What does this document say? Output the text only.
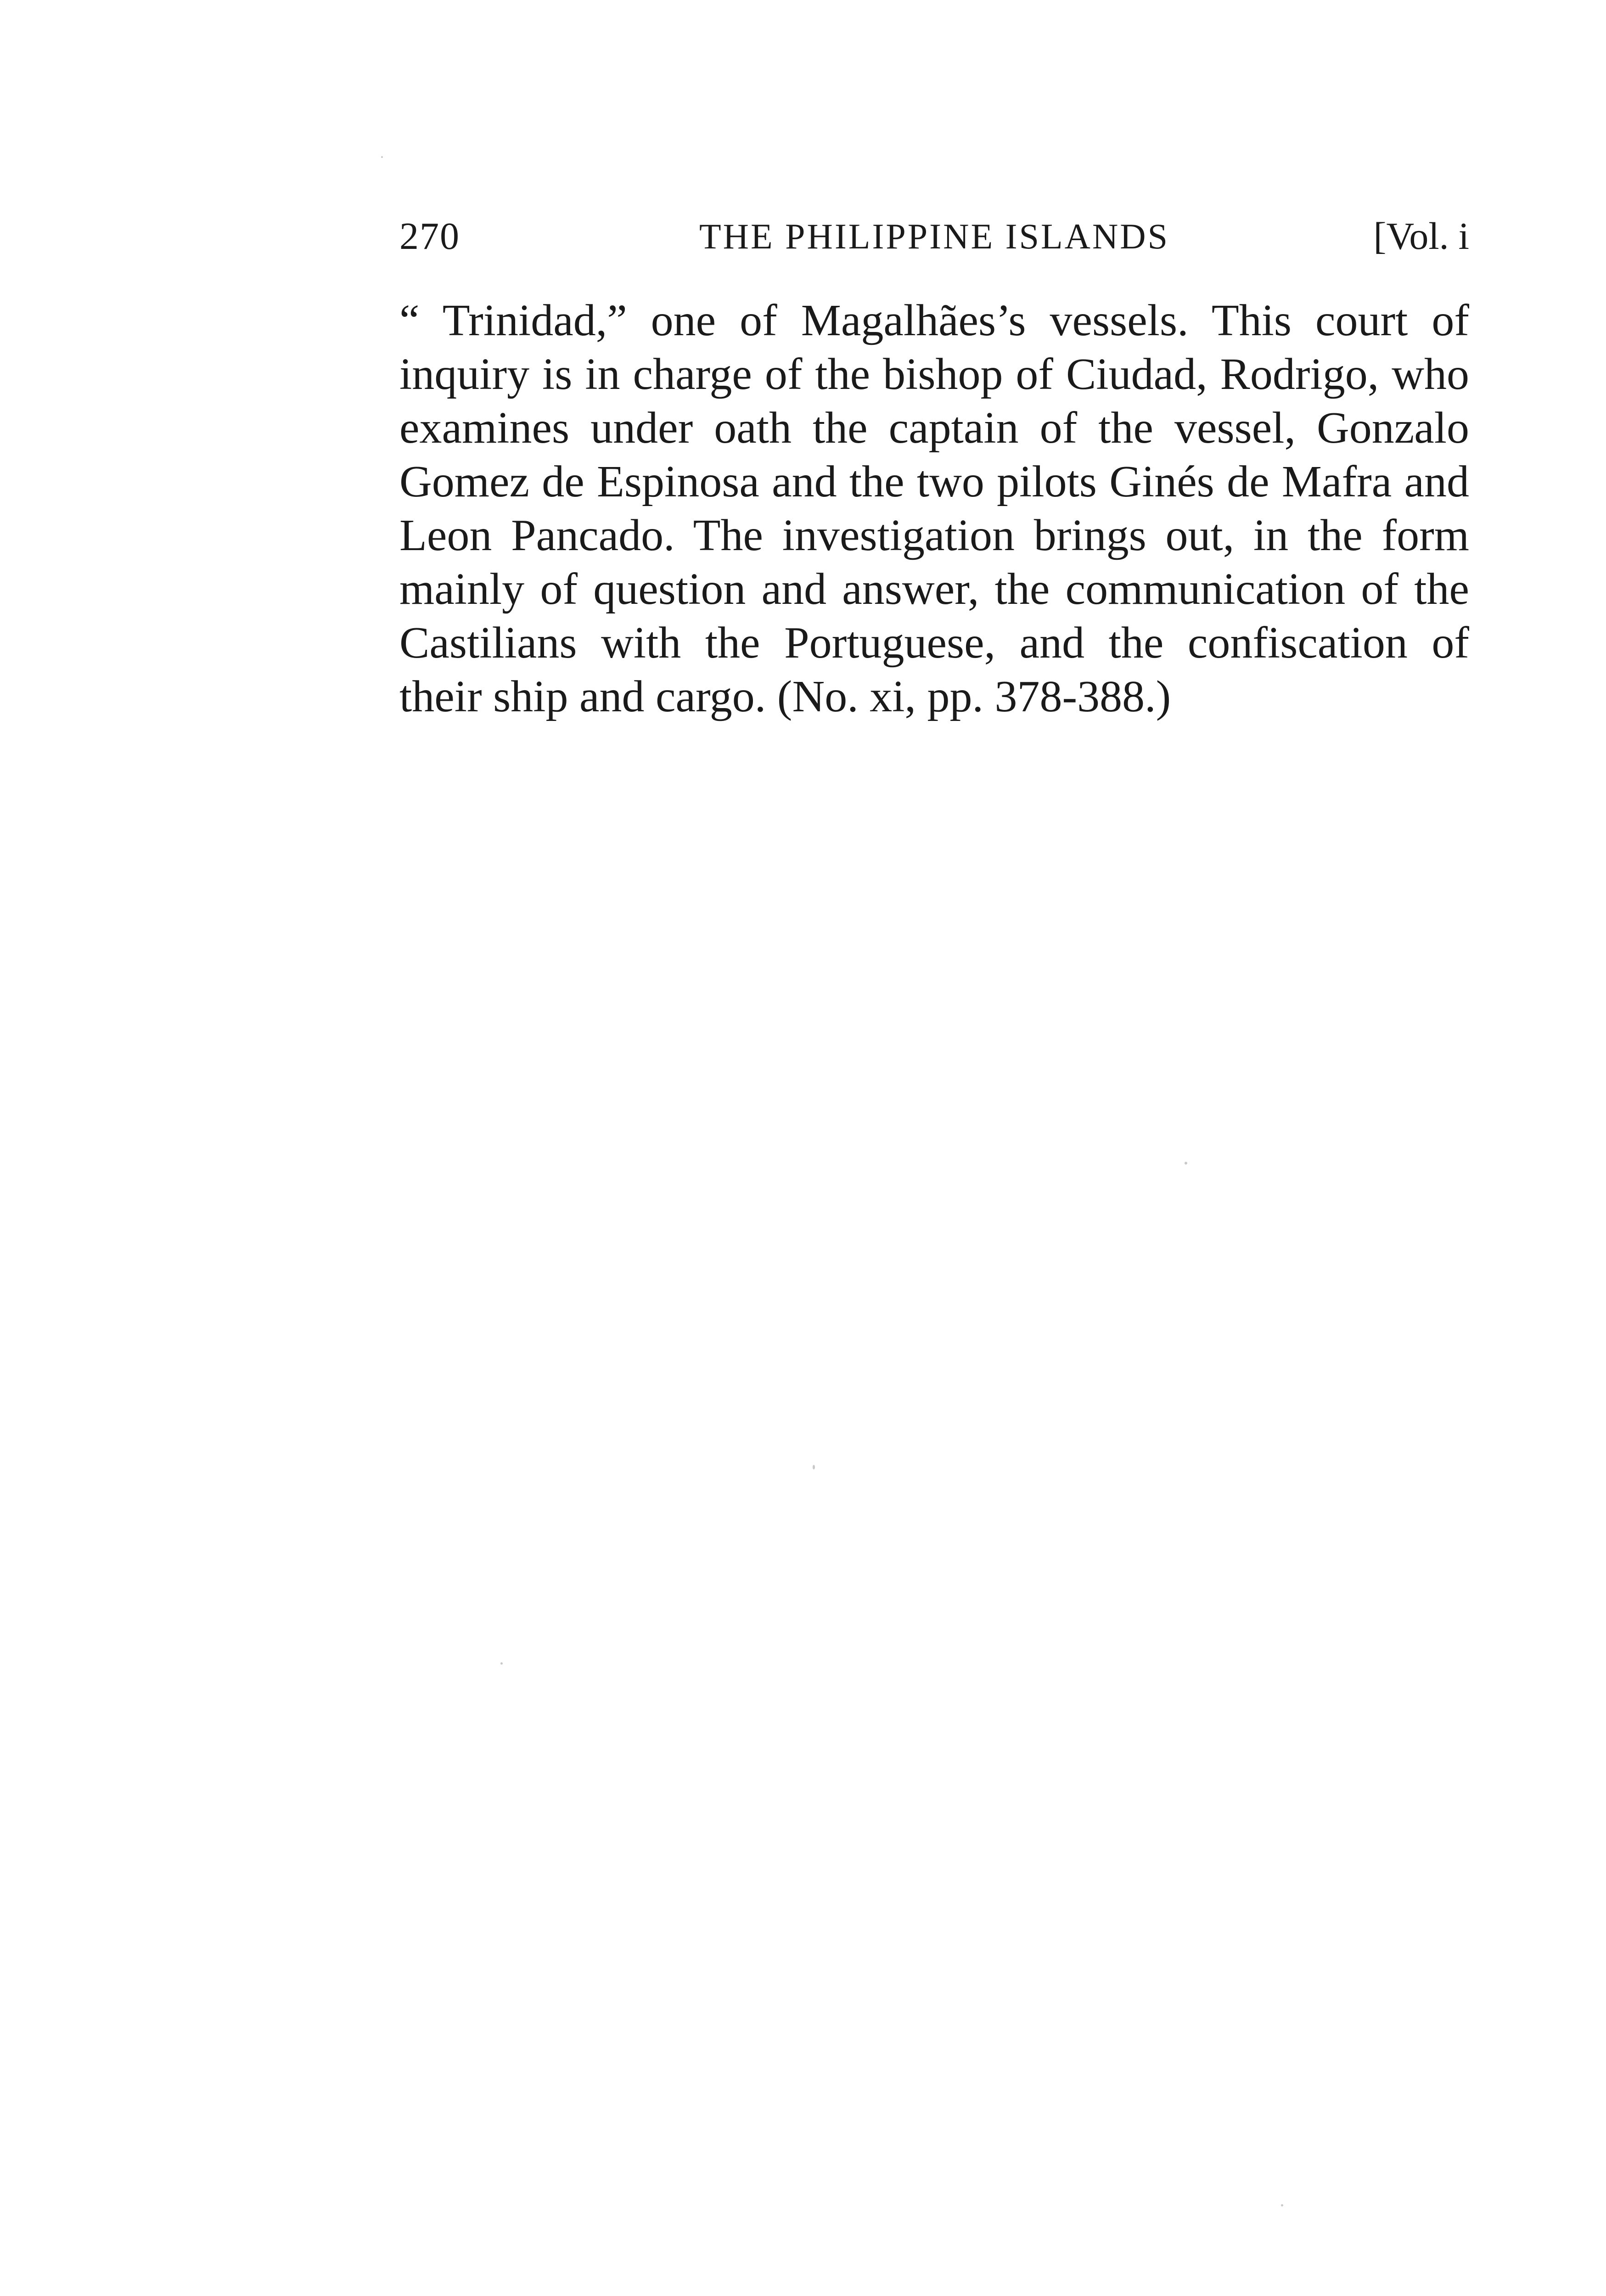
270	THE PHILIPPINE ISLANDS	[Vol. i

“ Trinidad,” one of Magalhães’s vessels. This court of inquiry is in charge of the bishop of Ciudad, Rodrigo, who examines under oath the captain of the vessel, Gonzalo Gomez de Espinosa and the two pilots Ginés de Mafra and Leon Pancado. The investigation brings out, in the form mainly of question and answer, the communication of the Castilians with the Portuguese, and the confiscation of their ship and cargo. (No. xi, pp. 378-388.)
